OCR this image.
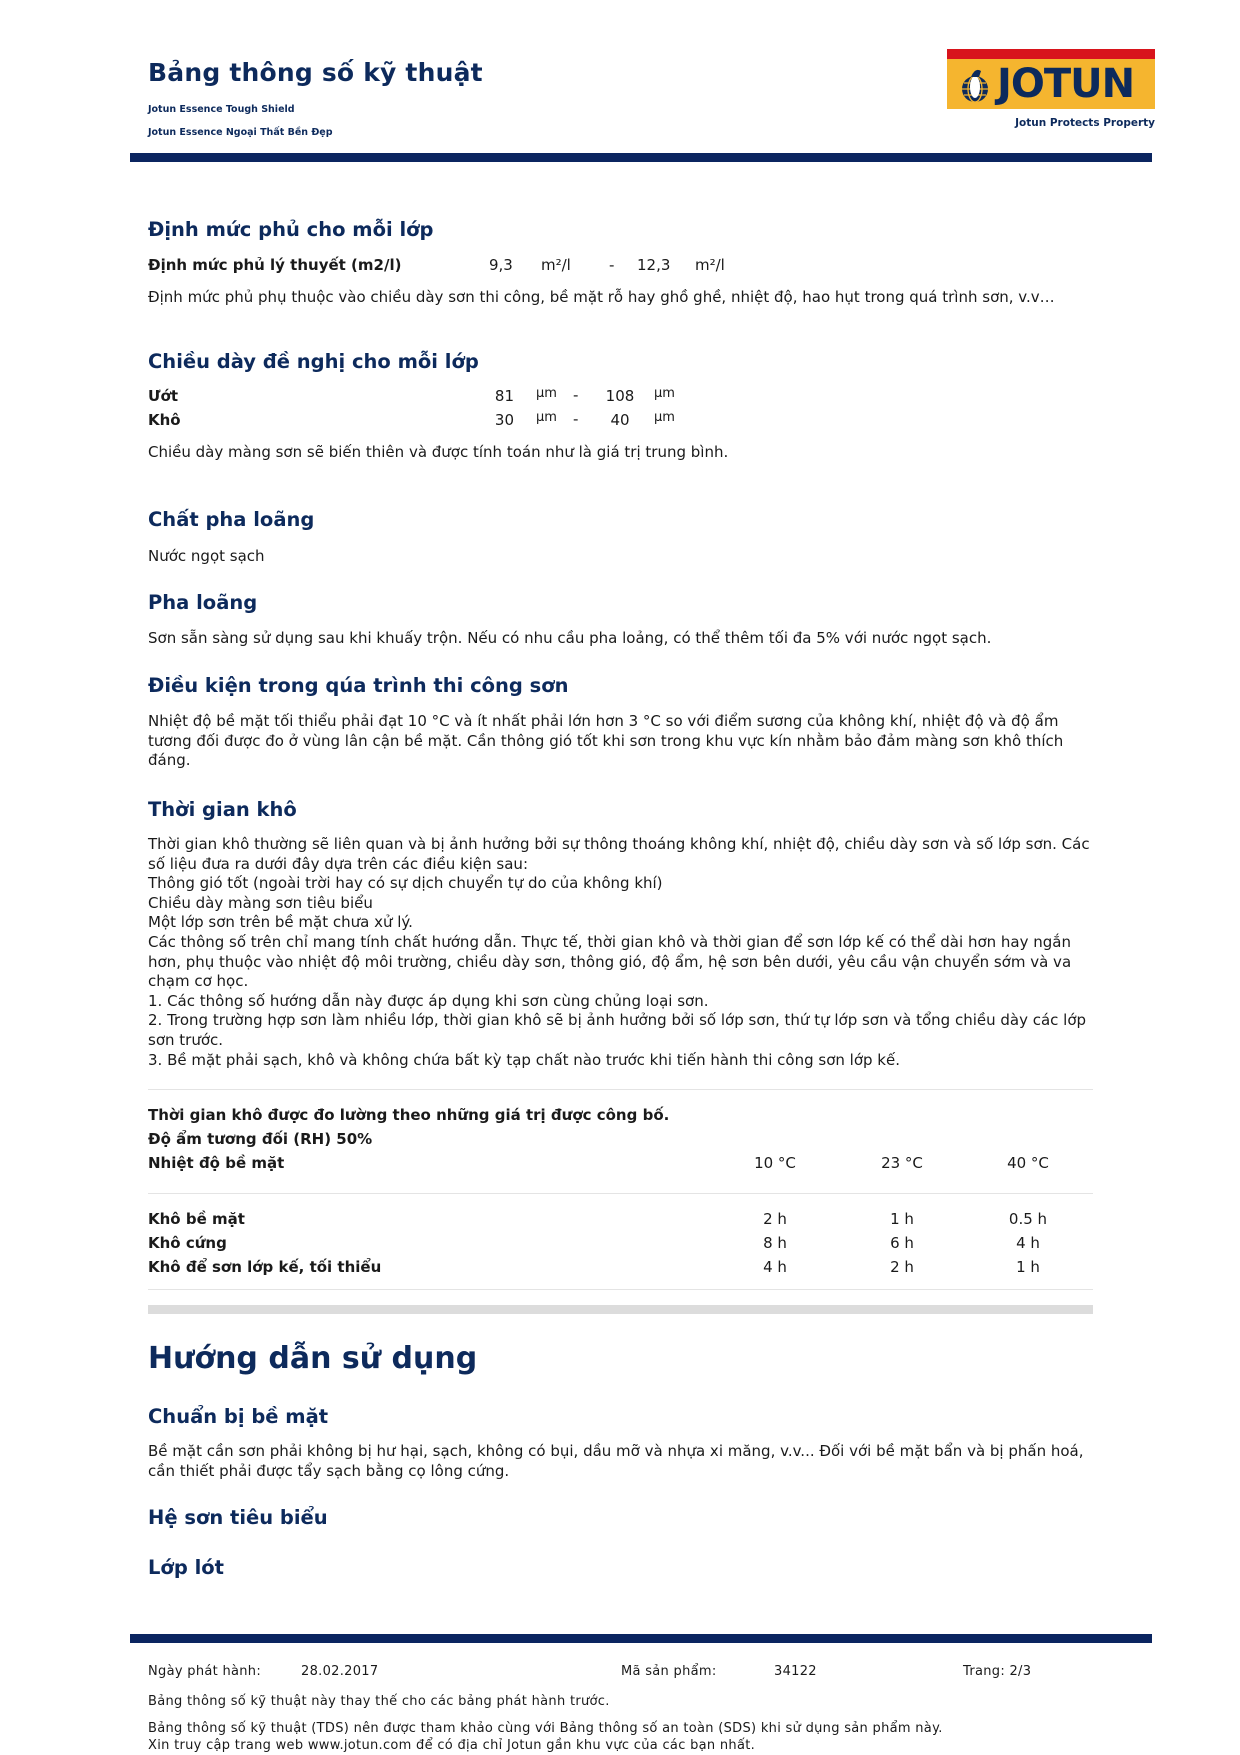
Bảng thông số kỹ thuật
Jotun Essence Tough Shield
Jotun Essence Ngoại Thất Bền Đẹp
JOTUN
Jotun Protects Property
Định mức phủ cho mỗi lớp
Định mức phủ lý thuyết (m2/l)	9,3 m²/l	- 12,3 m²/l
Định mức phủ phụ thuộc vào chiều dày sơn thi công, bề mặt rỗ hay ghồ ghề, nhiệt độ, hao hụt trong quá trình sơn, v.v…
Chiều dày đề nghị cho mỗi lớp
Ướt	81 µm -	108	µm
Khô	30 µm -	40	µm
Chiều dày màng sơn sẽ biến thiên và được tính toán như là giá trị trung bình.
Chất pha loãng
Nước ngọt sạch
Pha loãng
Sơn sẵn sàng sử dụng sau khi khuấy trộn. Nếu có nhu cầu pha loảng, có thể thêm tối đa 5% với nước ngọt sạch.
Điều kiện trong qúa trình thi công sơn
Nhiệt độ bề mặt tối thiểu phải đạt 10 °C và ít nhất phải lớn hơn 3 °C so với điểm sương của không khí, nhiệt độ và độ ẩm tương đối được đo ở vùng lân cận bề mặt. Cần thông gió tốt khi sơn trong khu vực kín nhằm bảo đảm màng sơn khô thích đáng.
Thời gian khô
Thời gian khô thường sẽ liên quan và bị ảnh hưởng bởi sự thông thoáng không khí, nhiệt độ, chiều dày sơn và số lớp sơn. Các số liệu đưa ra dưới đây dựa trên các điều kiện sau:
Thông gió tốt (ngoài trời hay có sự dịch chuyển tự do của không khí)
Chiều dày màng sơn tiêu biểu
Một lớp sơn trên bề mặt chưa xử lý.
Các thông số trên chỉ mang tính chất hướng dẫn. Thực tế, thời gian khô và thời gian để sơn lớp kế có thể dài hơn hay ngắn hơn, phụ thuộc vào nhiệt độ môi trường, chiều dày sơn, thông gió, độ ẩm, hệ sơn bên dưới, yêu cầu vận chuyển sớm và va chạm cơ học.
1. Các thông số hướng dẫn này được áp dụng khi sơn cùng chủng loại sơn.
2. Trong trường hợp sơn làm nhiều lớp, thời gian khô sẽ bị ảnh hưởng bởi số lớp sơn, thứ tự lớp sơn và tổng chiều dày các lớp sơn trước.
3. Bề mặt phải sạch, khô và không chứa bất kỳ tạp chất nào trước khi tiến hành thi công sơn lớp kế.
Thời gian khô được đo lường theo những giá trị được công bố.
Độ ẩm tương đối (RH) 50%
Nhiệt độ bề mặt	10 °C	23 °C	40 °C
Khô bề mặt	2 h	1 h	0.5 h
Khô cứng	8 h	6 h	4 h
Khô để sơn lớp kế, tối thiểu	4 h	2 h	1 h
Hướng dẫn sử dụng
Chuẩn bị bề mặt
Bề mặt cần sơn phải không bị hư hại, sạch, không có bụi, dầu mỡ và nhựa xi măng, v.v... Đối với bề mặt bẩn và bị phấn hoá, cần thiết phải được tẩy sạch bằng cọ lông cứng.
Hệ sơn tiêu biểu
Lớp lót
Ngày phát hành:	28.02.2017	Mã sản phẩm:	34122	Trang: 2/3
Bảng thông số kỹ thuật này thay thế cho các bảng phát hành trước.
Bảng thông số kỹ thuật (TDS) nên được tham khảo cùng với Bảng thông số an toàn (SDS) khi sử dụng sản phẩm này.
Xin truy cập trang web www.jotun.com để có địa chỉ Jotun gần khu vực của các bạn nhất.
